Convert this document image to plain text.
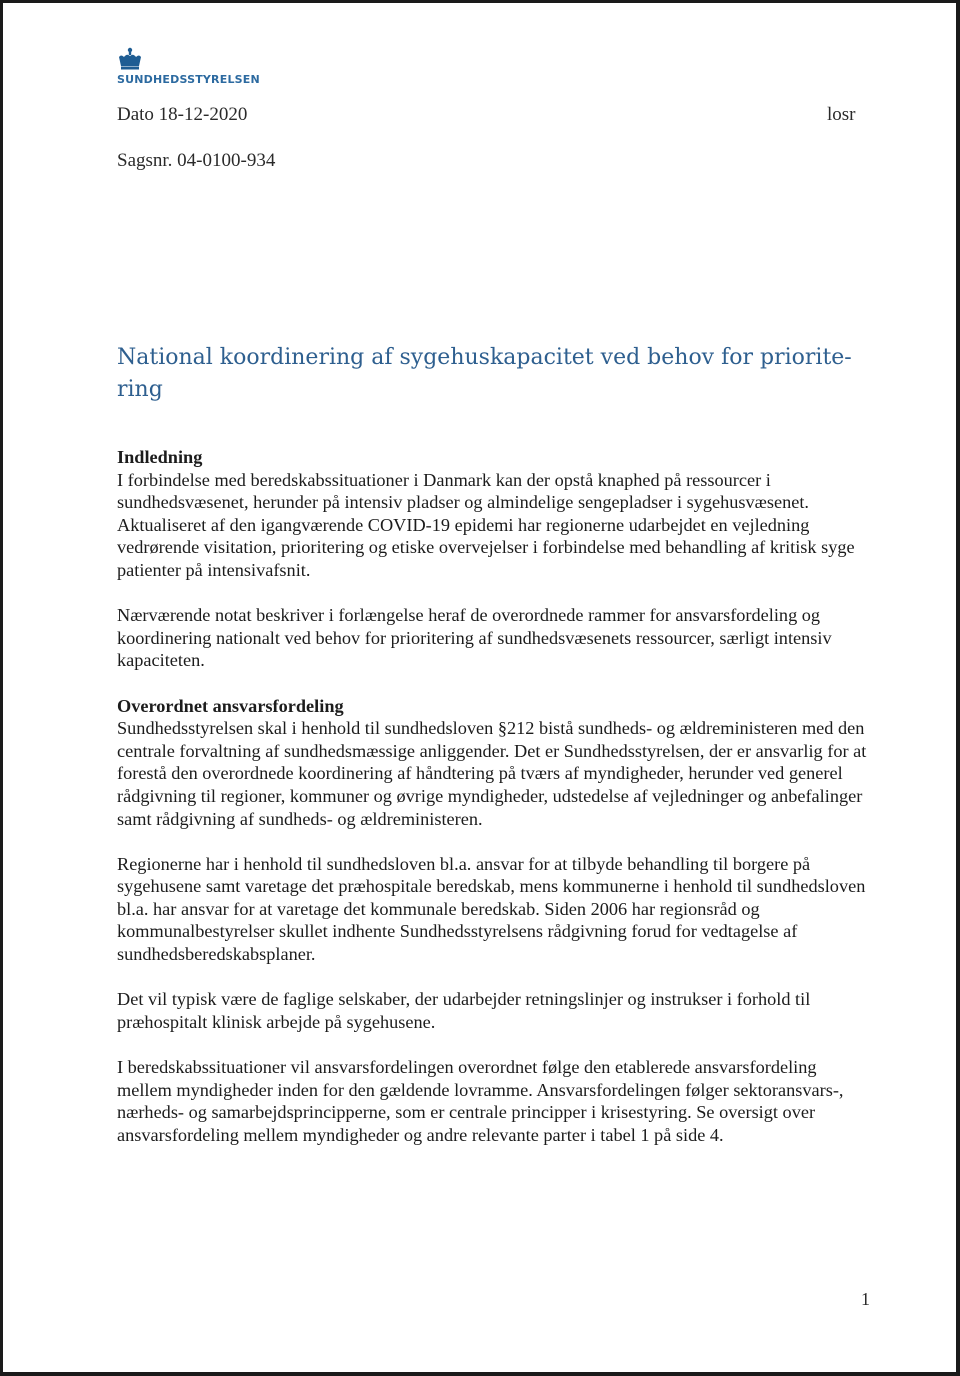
SUNDHEDSSTYRELSEN
Dato 18-12-2020
Sagsnr. 04-0100-934
losr
National koordinering af sygehuskapacitet ved behov for priorite-
ring
Indledning

I forbindelse med beredskabssituationer i Danmark kan der opstå knaphed på ressourcer i sundhedsvæsenet, herunder på intensiv pladser og almindelige sengepladser i sygehusvæsenet. Aktualiseret af den igangværende COVID-19 epidemi har regionerne udarbejdet en vejledning vedrørende visitation, prioritering og etiske overvejelser i forbindelse med behandling af kritisk syge patienter på intensivafsnit.

Nærværende notat beskriver i forlængelse heraf de overordnede rammer for ansvarsfordeling og koordinering nationalt ved behov for prioritering af sundhedsvæsenets ressourcer, særligt intensiv kapaciteten.

Overordnet ansvarsfordeling

Sundhedsstyrelsen skal i henhold til sundhedsloven §212 bistå sundheds- og ældreministeren med den centrale forvaltning af sundhedsmæssige anliggender. Det er Sundhedsstyrelsen, der er ansvarlig for at forestå den overordnede koordinering af håndtering på tværs af myndigheder, herunder ved generel rådgivning til regioner, kommuner og øvrige myndigheder, udstedelse af vejledninger og anbefalinger samt rådgivning af sundheds- og ældreministeren.

Regionerne har i henhold til sundhedsloven bl.a. ansvar for at tilbyde behandling til borgere på sygehusene samt varetage det præhospitale beredskab, mens kommunerne i henhold til sundhedsloven bl.a. har ansvar for at varetage det kommunale beredskab. Siden 2006 har regionsråd og kommunalbestyrelser skullet indhente Sundhedsstyrelsens rådgivning forud for vedtagelse af sundhedsberedskabsplaner.

Det vil typisk være de faglige selskaber, der udarbejder retningslinjer og instrukser i forhold til præhospitalt klinisk arbejde på sygehusene.

I beredskabssituationer vil ansvarsfordelingen overordnet følge den etablerede ansvarsfordeling mellem myndigheder inden for den gældende lovramme. Ansvarsfordelingen følger sektoransvars-, nærheds- og samarbejdsprincipperne, som er centrale principper i krisestyring. Se oversigt over ansvarsfordeling mellem myndigheder og andre relevante parter i tabel 1 på side 4.

1
